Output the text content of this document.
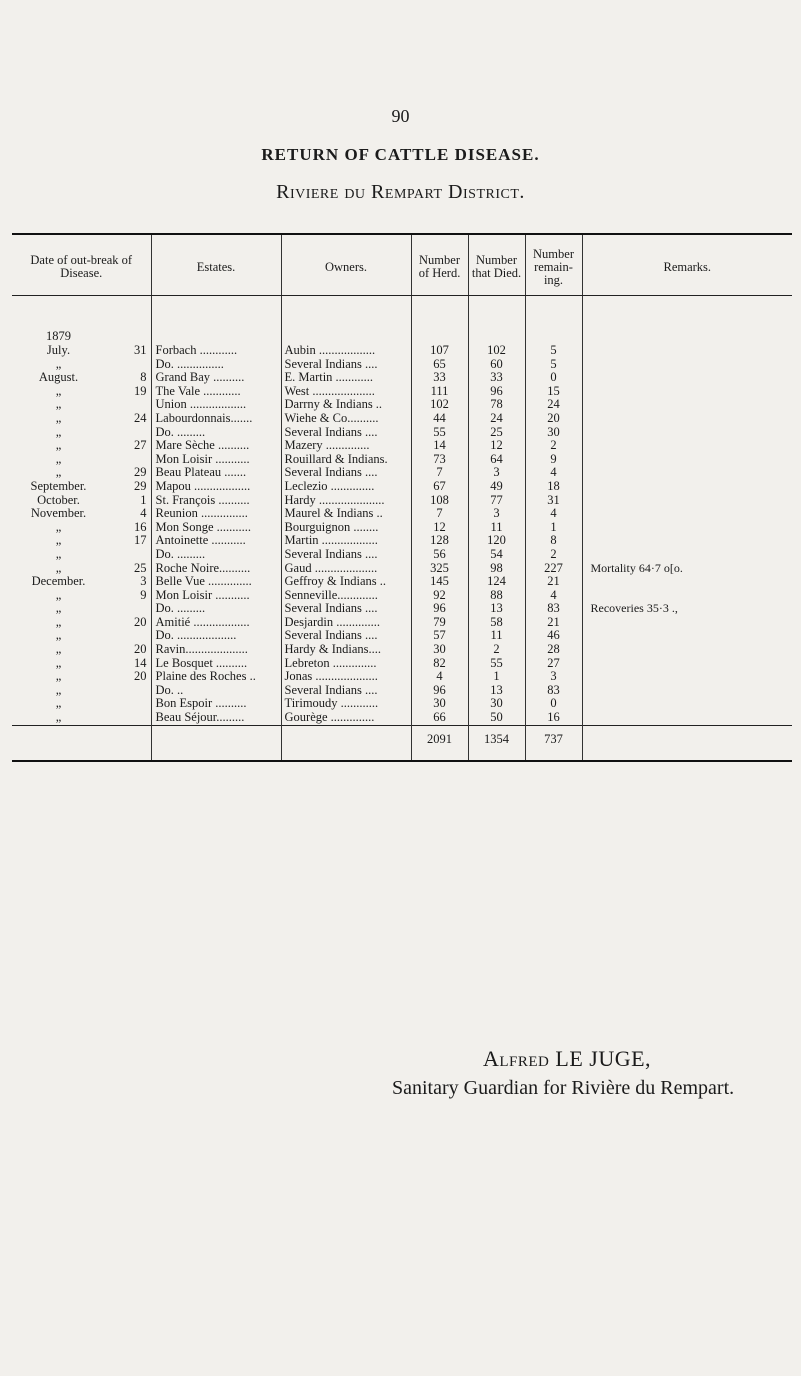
90
RETURN OF CATTLE DISEASE.
Riviere du Rempart District.
Date of out-break of Disease.		Estates.	Owners.	Number of Herd.	Number that Died.	Number remain-ing.	Remarks.

1879							
July.	31	Forbach ............	Aubin ..................	107	102	5	
„		Do. ...............	Several Indians ....	65	60	5	
August.	8	Grand Bay ..........	E. Martin ............	33	33	0	
„	19	The Vale ............	West ....................	111	96	15	
„		Union ..................	Darrny & Indians ..	102	78	24	
„	24	Labourdonnais.......	Wiehe & Co..........	44	24	20	
„		Do. .........	Several Indians ....	55	25	30	
„	27	Mare Sèche ..........	Mazery ..............	14	12	2	
„		Mon Loisir ...........	Rouillard & Indians.	73	64	9	
„	29	Beau Plateau .......	Several Indians ....	7	3	4	
September.	29	Mapou ..................	Leclezio ..............	67	49	18	
October.	1	St. François ..........	Hardy .....................	108	77	31	
November.	4	Reunion ...............	Maurel & Indians ..	7	3	4	
„	16	Mon Songe ...........	Bourguignon ........	12	11	1	
„	17	Antoinette ...........	Martin ..................	128	120	8	
„		Do. .........	Several Indians ....	56	54	2	
„	25	Roche Noire..........	Gaud ....................	325	98	227	Mortality 64·7 o[o.
December.	3	Belle Vue ..............	Geffroy & Indians ..	145	124	21	
„	9	Mon Loisir ...........	Senneville.............	92	88	4	
„		Do. .........	Several Indians ....	96	13	83	Recoveries 35·3 .,
„	20	Amitié ..................	Desjardin ..............	79	58	21	
„		Do. ...................	Several Indians ....	57	11	46	
„	20	Ravin....................	Hardy & Indians....	30	2	28	
„	14	Le Bosquet ..........	Lebreton ..............	82	55	27	
„	20	Plaine des Roches ..	Jonas ....................	4	1	3	
„		Do. ..	Several Indians ....	96	13	83	
„		Bon Espoir ..........	Tirimoudy ............	30	30	0	
„		Beau Séjour.........	Gourège ..............	66	50	16	
				2091	1354	737	

Alfred LE JUGE,
Sanitary Guardian for Rivière du Rempart.
